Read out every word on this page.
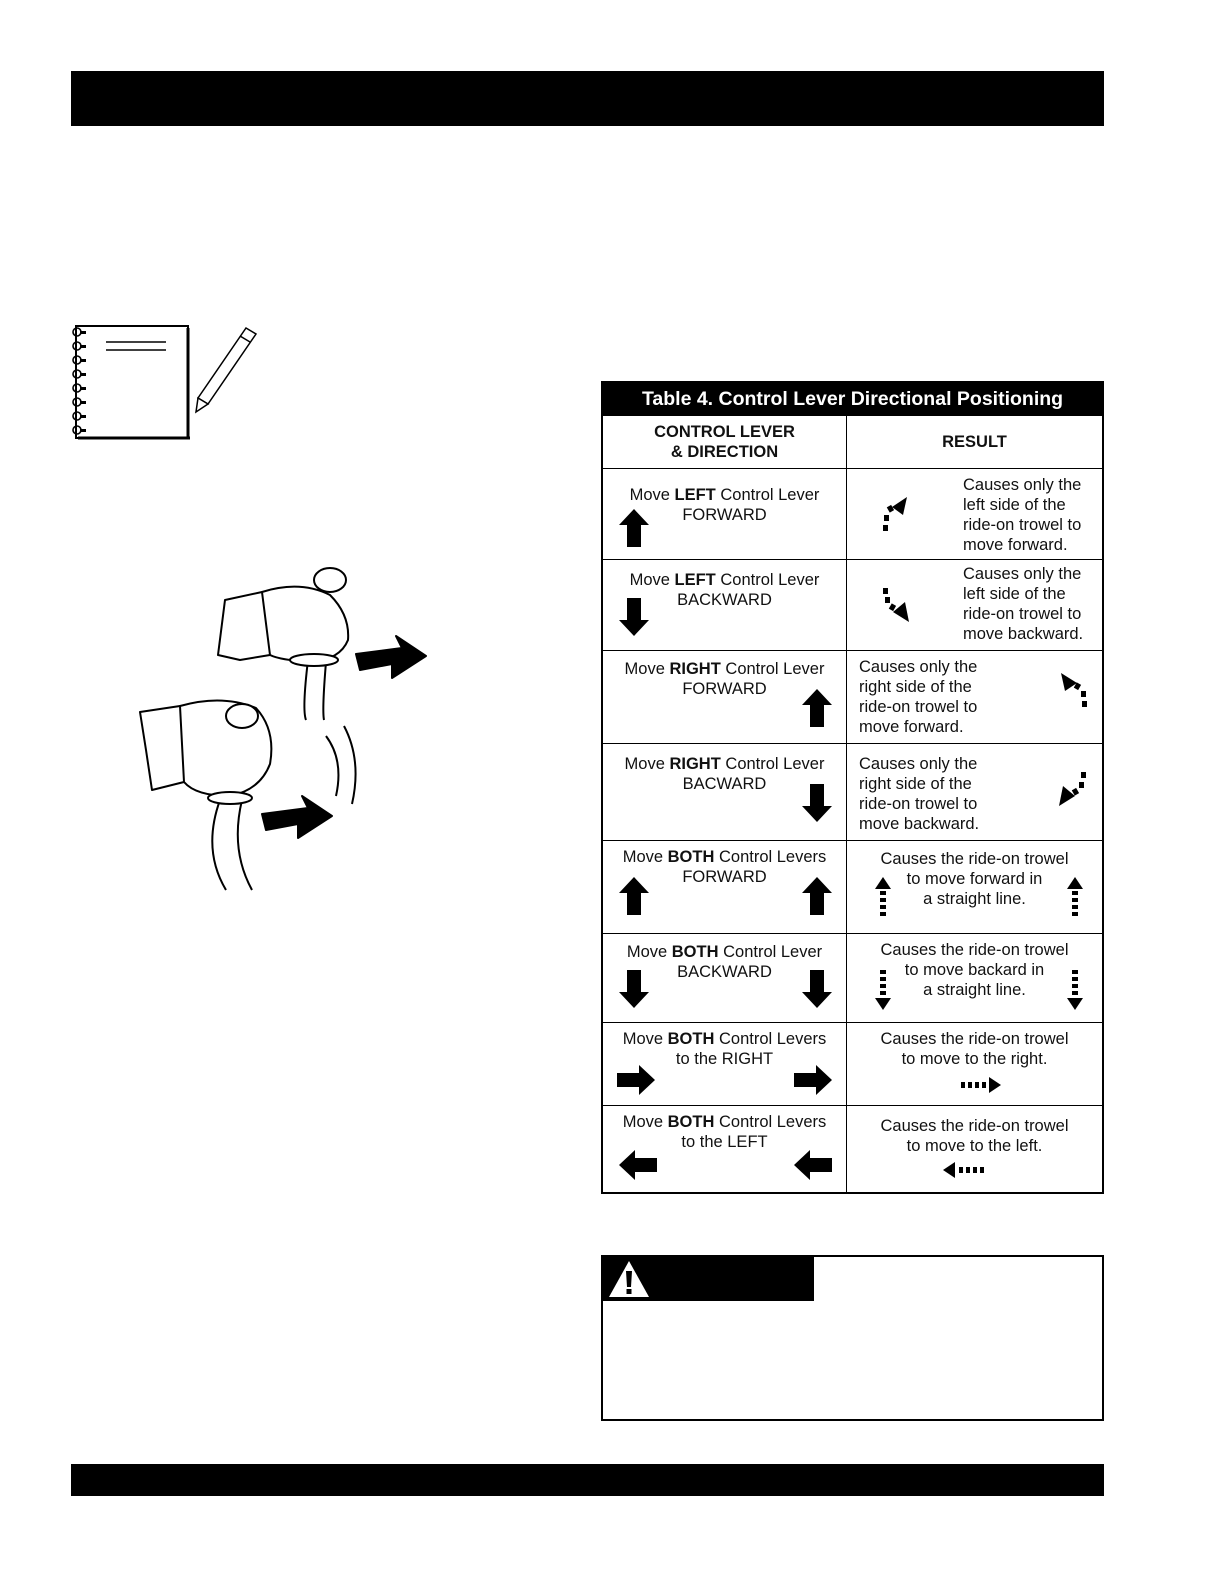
Table 4. Control Lever Directional Positioning
CONTROL LEVER
& DIRECTION
RESULT
Move LEFT Control Lever
FORWARD
Causes only the
left side of the
ride-on trowel to
move forward.
Move LEFT Control Lever
BACKWARD
Causes only the
left side of the
ride-on trowel to
move backward.
Move RIGHT Control Lever
FORWARD
Causes only the
right side of the
ride-on trowel to
move forward.
Move RIGHT Control Lever
BACWARD
Causes only the
right side of the
ride-on trowel to
move backward.
Move BOTH Control Levers
FORWARD
Causes the ride-on trowel
to move forward in
a straight line.
Move BOTH Control Lever
BACKWARD
Causes the ride-on trowel
to move backard in
a straight line.
Move BOTH Control Levers
to the RIGHT
Causes the ride-on trowel
to move to the right.
Move BOTH Control Levers
to the LEFT
Causes the ride-on trowel
to move to the left.
